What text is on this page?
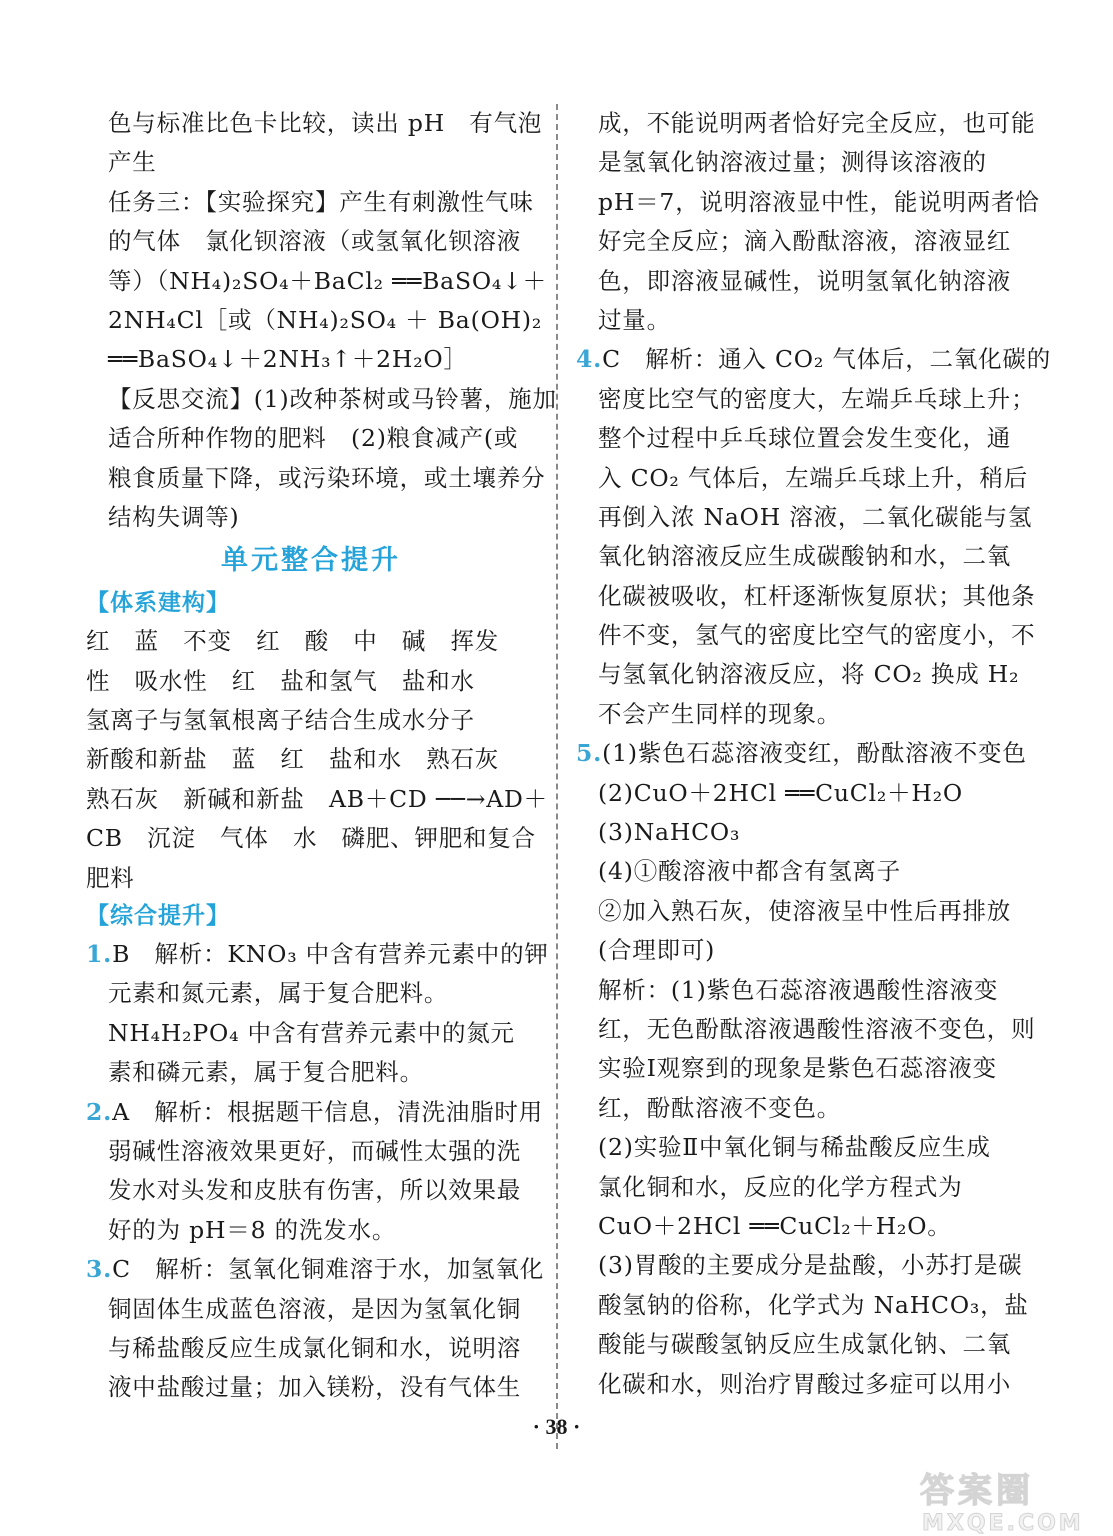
色与标准比色卡比较，读出 pH　有气泡
产生
任务三：【实验探究】产生有刺激性气味
的气体　氯化钡溶液（或氢氧化钡溶液
等）（NH₄)₂SO₄＋BaCl₂ ══BaSO₄↓＋
2NH₄Cl［或（NH₄)₂SO₄ ＋ Ba(OH)₂
══BaSO₄↓＋2NH₃↑＋2H₂O］
【反思交流】(1)改种茶树或马铃薯，施加
适合所种作物的肥料　(2)粮食减产(或
粮食质量下降，或污染环境，或土壤养分
结构失调等)
单元整合提升
【体系建构】
红　蓝　不变　红　酸　中　碱　挥发
性　吸水性　红　盐和氢气　盐和水
氢离子与氢氧根离子结合生成水分子
新酸和新盐　蓝　红　盐和水　熟石灰
熟石灰　新碱和新盐　AB＋CD ──→AD＋
CB　沉淀　气体　水　磷肥、钾肥和复合
肥料
【综合提升】
1.B　解析：KNO₃ 中含有营养元素中的钾
元素和氮元素，属于复合肥料。
NH₄H₂PO₄ 中含有营养元素中的氮元
素和磷元素，属于复合肥料。
2.A　解析：根据题干信息，清洗油脂时用
弱碱性溶液效果更好，而碱性太强的洗
发水对头发和皮肤有伤害，所以效果最
好的为 pH＝8 的洗发水。
3.C　解析：氢氧化铜难溶于水，加氢氧化
铜固体生成蓝色溶液，是因为氢氧化铜
与稀盐酸反应生成氯化铜和水，说明溶
液中盐酸过量；加入镁粉，没有气体生
成，不能说明两者恰好完全反应，也可能
是氢氧化钠溶液过量；测得该溶液的
pH＝7，说明溶液显中性，能说明两者恰
好完全反应；滴入酚酞溶液，溶液显红
色，即溶液显碱性，说明氢氧化钠溶液
过量。
4.C　解析：通入 CO₂ 气体后，二氧化碳的
密度比空气的密度大，左端乒乓球上升；
整个过程中乒乓球位置会发生变化，通
入 CO₂ 气体后，左端乒乓球上升，稍后
再倒入浓 NaOH 溶液，二氧化碳能与氢
氧化钠溶液反应生成碳酸钠和水，二氧
化碳被吸收，杠杆逐渐恢复原状；其他条
件不变，氢气的密度比空气的密度小，不
与氢氧化钠溶液反应，将 CO₂ 换成 H₂
不会产生同样的现象。
5.(1)紫色石蕊溶液变红，酚酞溶液不变色
(2)CuO＋2HCl ══CuCl₂＋H₂O
(3)NaHCO₃
(4)①酸溶液中都含有氢离子
②加入熟石灰，使溶液呈中性后再排放
(合理即可)
解析：(1)紫色石蕊溶液遇酸性溶液变
红，无色酚酞溶液遇酸性溶液不变色，则
实验Ⅰ观察到的现象是紫色石蕊溶液变
红，酚酞溶液不变色。
(2)实验Ⅱ中氧化铜与稀盐酸反应生成
氯化铜和水，反应的化学方程式为
CuO＋2HCl ══CuCl₂＋H₂O。
(3)胃酸的主要成分是盐酸，小苏打是碳
酸氢钠的俗称，化学式为 NaHCO₃，盐
酸能与碳酸氢钠反应生成氯化钠、二氧
化碳和水，则治疗胃酸过多症可以用小
· 38 ·
答案圈
MXQE.COM
